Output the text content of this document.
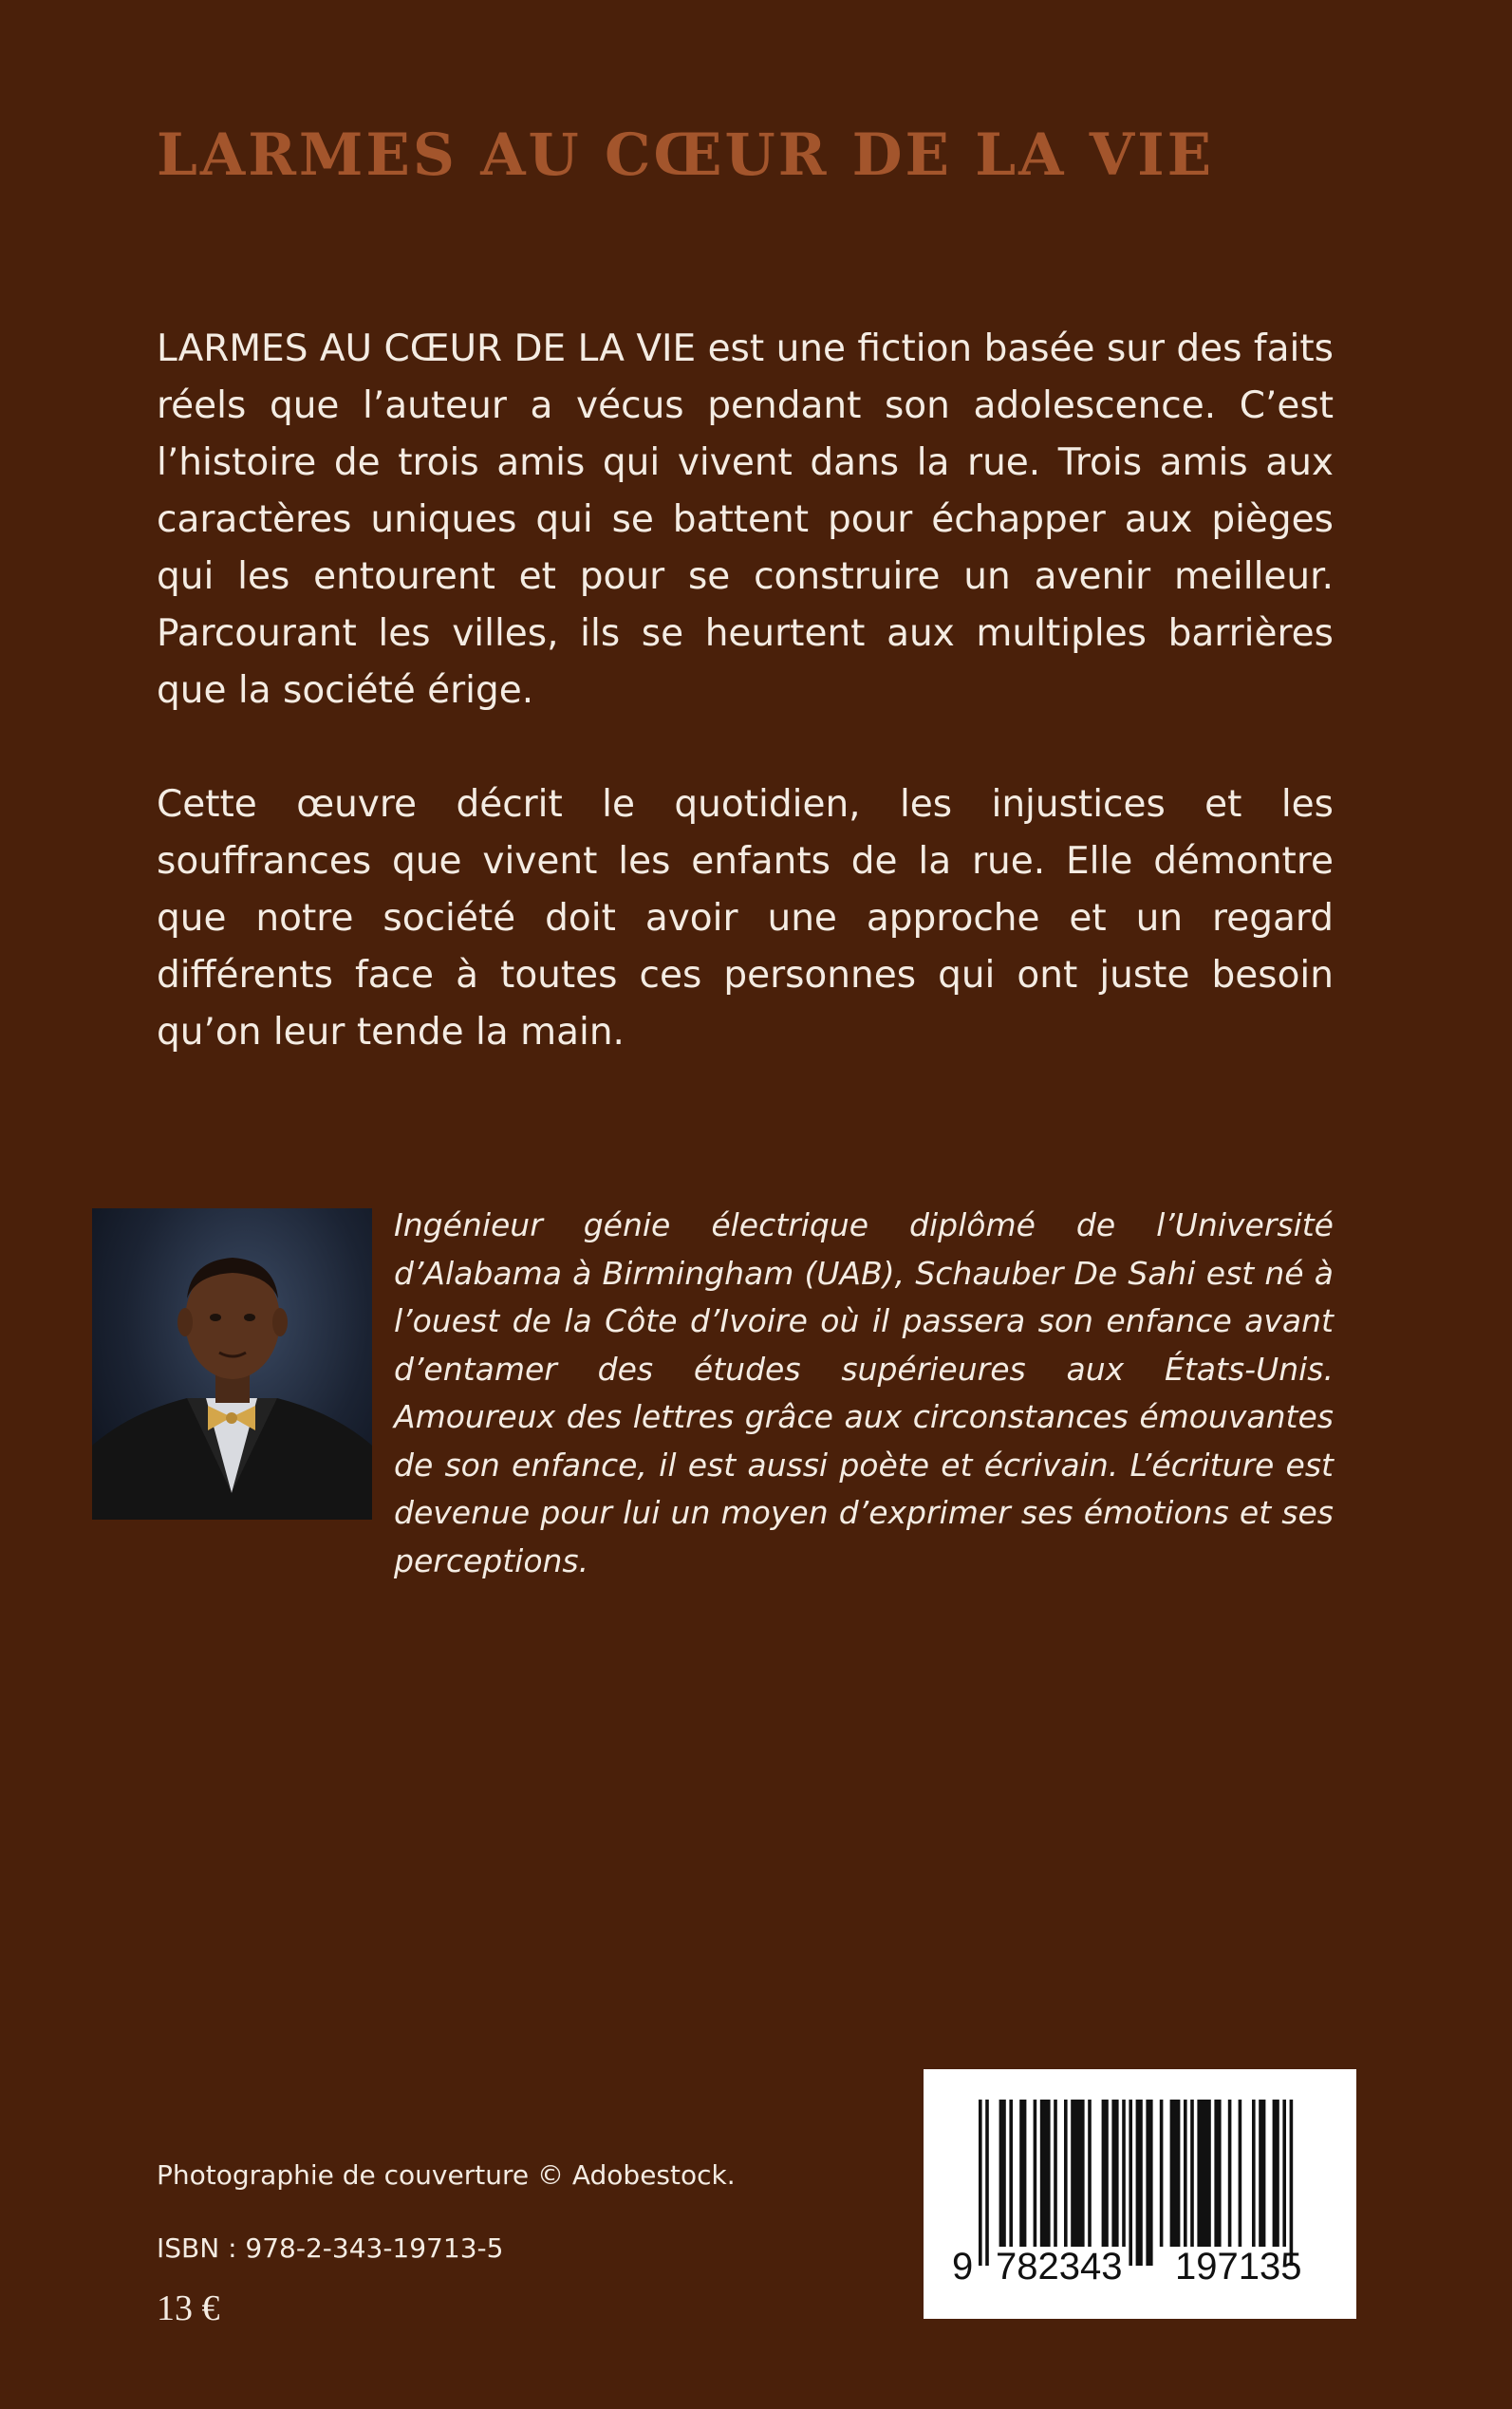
LARMES AU CŒUR DE LA VIE

LARMES AU CŒUR DE LA VIE est une fiction basée sur des faits réels que l’auteur a vécus pendant son adolescence. C’est l’histoire de trois amis qui vivent dans la rue. Trois amis aux caractères uniques qui se battent pour échapper aux pièges qui les entourent et pour se construire un avenir meilleur. Parcourant les villes, ils se heurtent aux multiples barrières que la société érige.

Cette œuvre décrit le quotidien, les injustices et les souffrances que vivent les enfants de la rue. Elle démontre que notre société doit avoir une approche et un regard différents face à toutes ces personnes qui ont juste besoin qu’on leur tende la main.

Ingénieur génie électrique diplômé de l’Université d’Alabama à Birmingham (UAB), Schauber De Sahi est né à l’ouest de la Côte d’Ivoire où il passera son enfance avant d’entamer des études supérieures aux États-Unis. Amoureux des lettres grâce aux circonstances émouvantes de son enfance, il est aussi poète et écrivain. L’écriture est devenue pour lui un moyen d’exprimer ses émotions et ses perceptions.

9 782343 197135
Photographie de couverture © Adobestock.
ISBN : 978-2-343-19713-5
13 €
